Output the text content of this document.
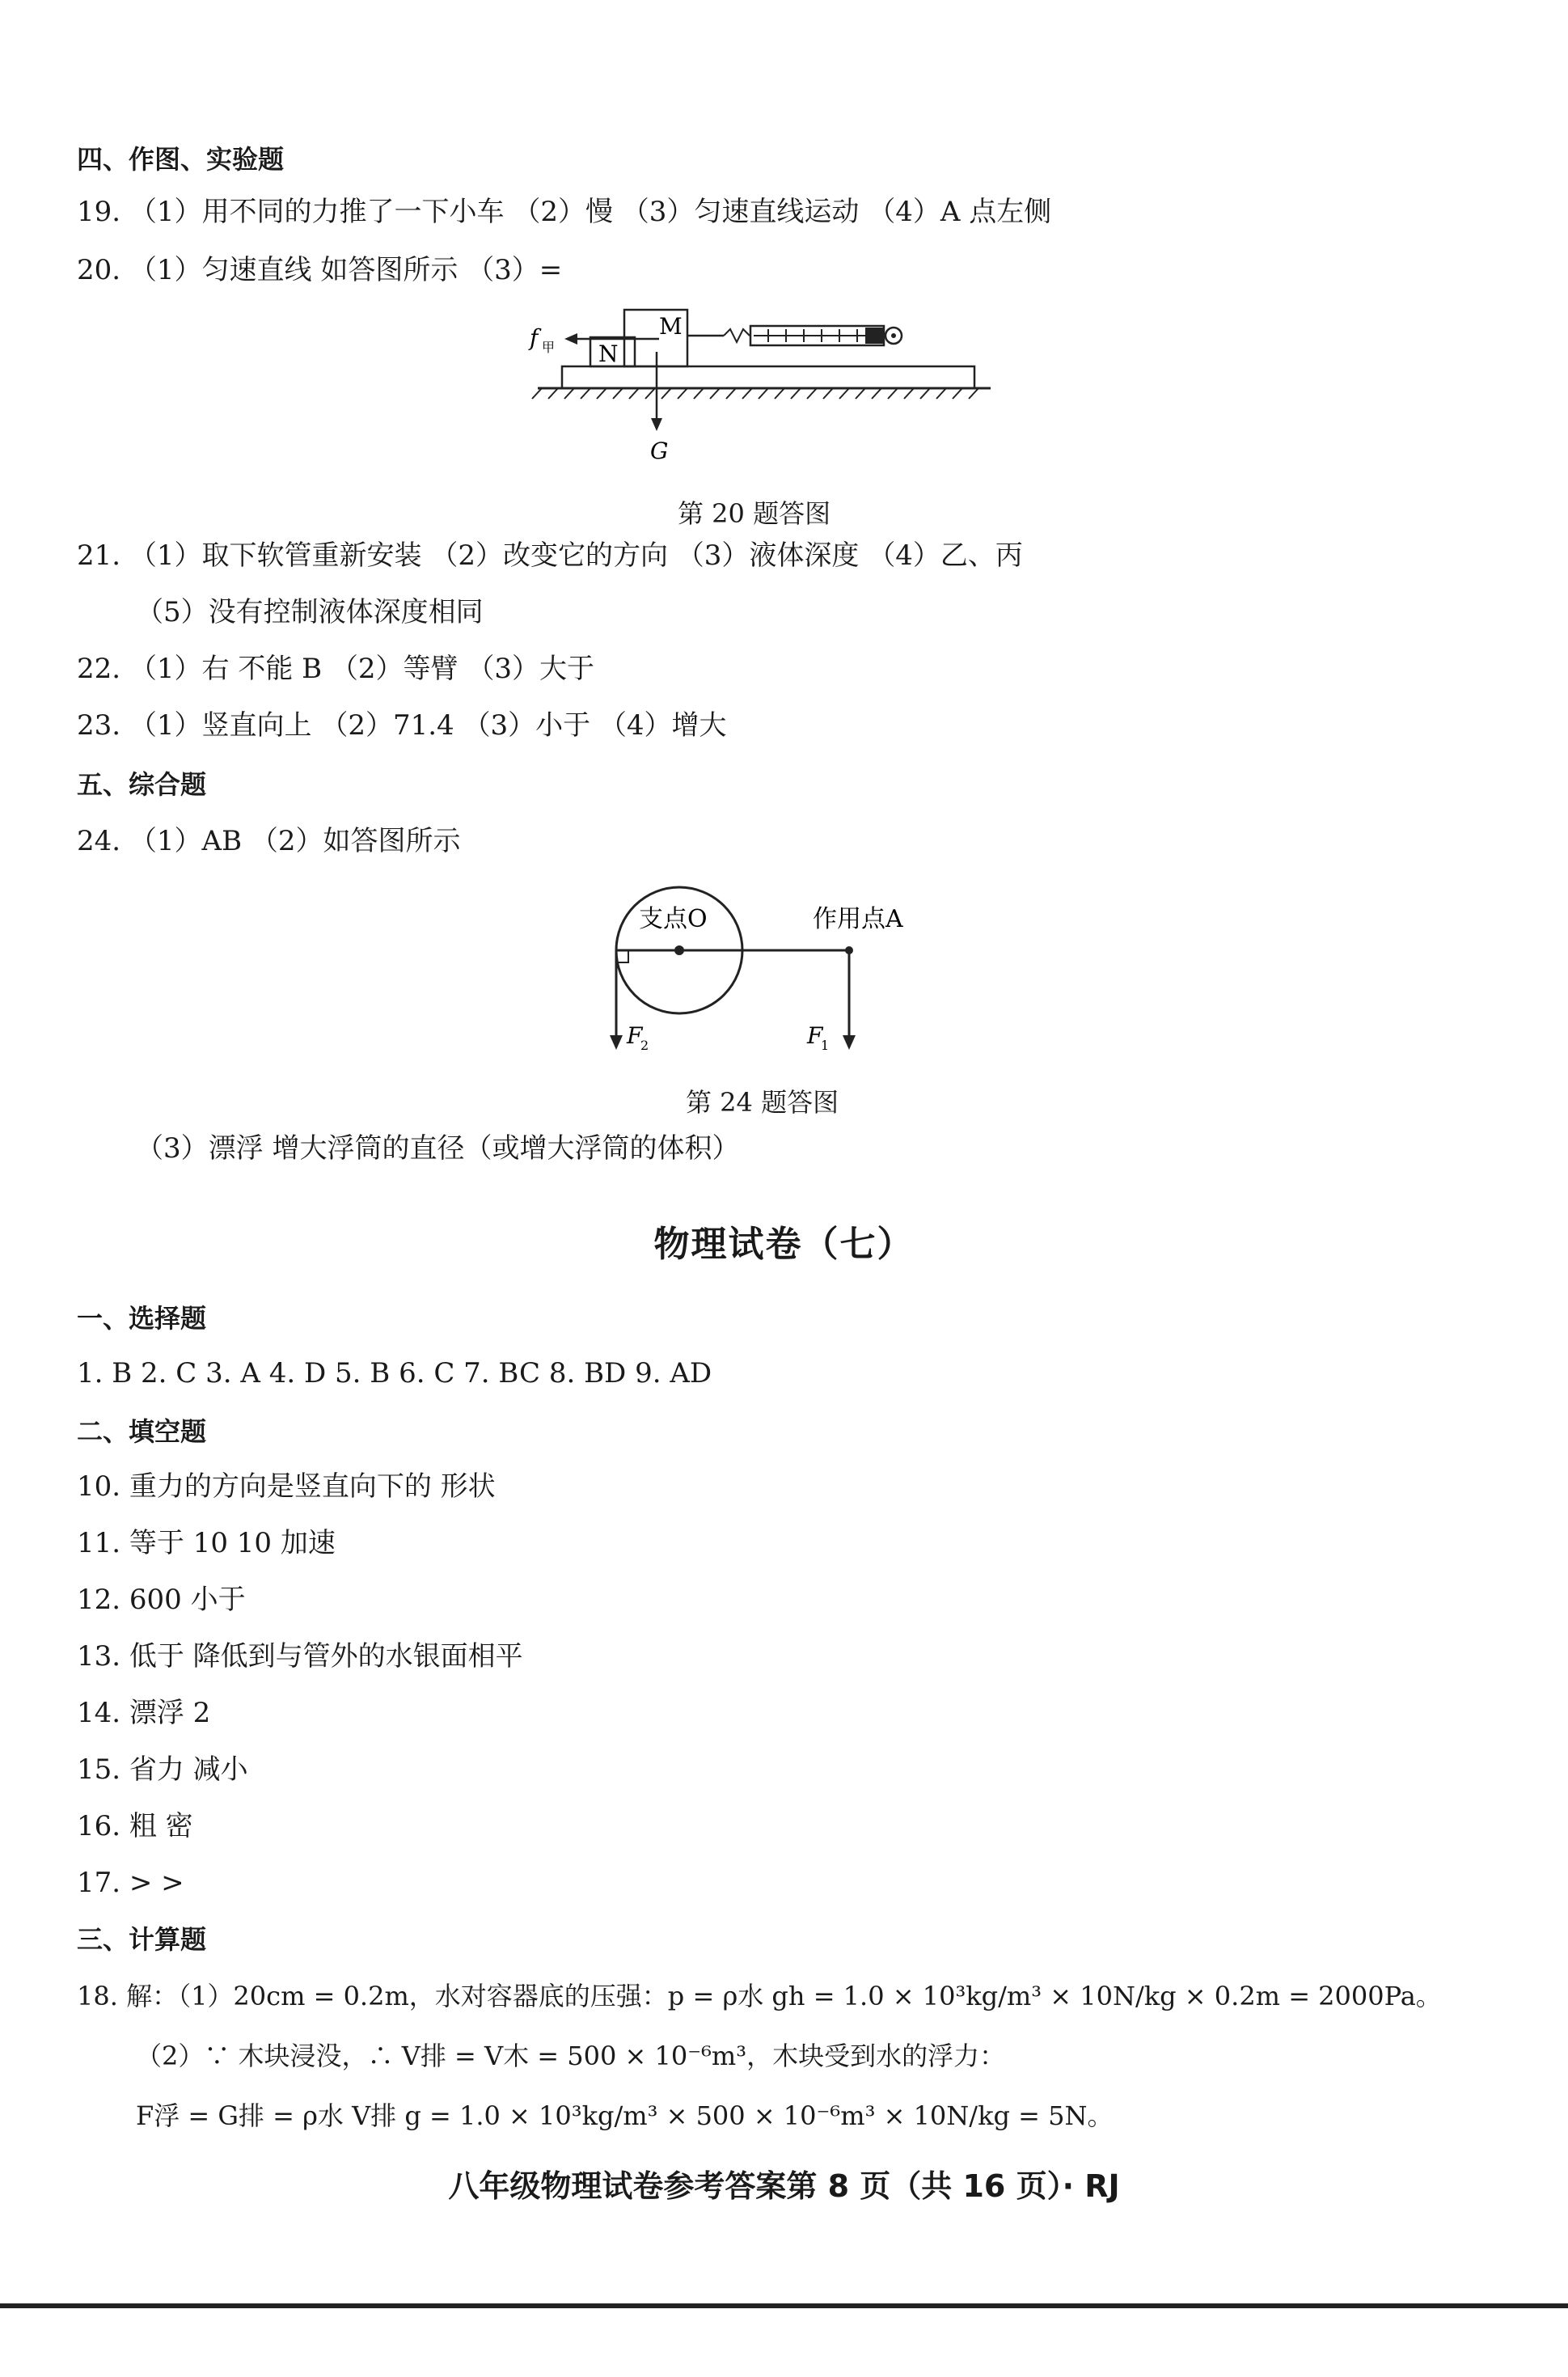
四、作图、实验题
19. （1）用不同的力推了一下小车 （2）慢 （3）匀速直线运动 （4）A 点左侧
20. （1）匀速直线 如答图所示 （3）=
N
M
f 甲
G
第 20 题答图
21. （1）取下软管重新安装 （2）改变它的方向 （3）液体深度 （4）乙、丙
（5）没有控制液体深度相同
22. （1）右 不能 B （2）等臂 （3）大于
23. （1）竖直向上 （2）71.4 （3）小于 （4）增大
五、综合题
24. （1）AB （2）如答图所示
F
2	F
1
支点O	作用点A
第 24 题答图
（3）漂浮 增大浮筒的直径（或增大浮筒的体积）
物理试卷（七）
一、选择题
1. B 2. C 3. A 4. D 5. B 6. C 7. BC 8. BD 9. AD
二、填空题
10. 重力的方向是竖直向下的 形状
11. 等于 10 10 加速
12. 600 小于
13. 低于 降低到与管外的水银面相平
14. 漂浮 2
15. 省力 减小
16. 粗 密
17. > >
三、计算题
18. 解：（1）20cm = 0.2m，水对容器底的压强：p = ρ水 gh = 1.0 × 10³kg/m³ × 10N/kg × 0.2m = 2000Pa。
（2）∵ 木块浸没，∴ V排 = V木 = 500 × 10⁻⁶m³，木块受到水的浮力：
F浮 = G排 = ρ水 V排 g = 1.0 × 10³kg/m³ × 500 × 10⁻⁶m³ × 10N/kg = 5N。
八年级物理试卷参考答案第 8 页（共 16 页）· RJ
